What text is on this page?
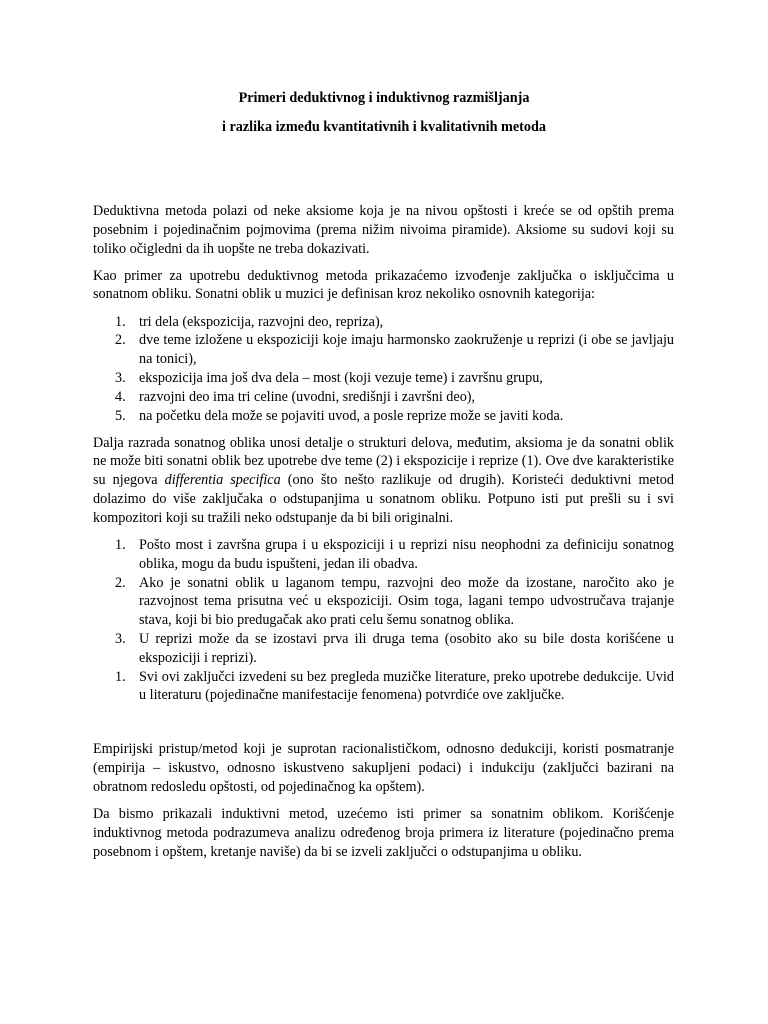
Primeri deduktivnog i induktivnog razmišljanja
i razlika između kvantitativnih i kvalitativnih metoda

Deduktivna metoda polazi od neke aksiome koja je na nivou opštosti i kreće se od opštih prema posebnim i pojedinačnim pojmovima (prema nižim nivoima piramide). Aksiome su sudovi koji su toliko očigledni da ih uopšte ne treba dokazivati.

Kao primer za upotrebu deduktivnog metoda prikazaćemo izvođenje zaključka o isključcima u sonatnom obliku. Sonatni oblik u muzici je definisan kroz nekoliko osnovnih kategorija:

1. tri dela (ekspozicija, razvojni deo, repriza),
2. dve teme izložene u ekspoziciji koje imaju harmonsko zaokruženje u reprizi (i obe se javljaju na tonici),
3. ekspozicija ima još dva dela – most (koji vezuje teme) i završnu grupu,
4. razvojni deo ima tri celine (uvodni, središnji i završni deo),
5. na početku dela može se pojaviti uvod, a posle reprize može se javiti koda.

Dalja razrada sonatnog oblika unosi detalje o strukturi delova, međutim, aksioma je da sonatni oblik ne može biti sonatni oblik bez upotrebe dve teme (2) i ekspozicije i reprize (1). Ove dve karakteristike su njegova differentia specifica (ono što nešto razlikuje od drugih). Koristeći deduktivni metod dolazimo do više zaključaka o odstupanjima u sonatnom obliku. Potpuno isti put prešli su i svi kompozitori koji su tražili neko odstupanje da bi bili originalni.

1. Pošto most i završna grupa i u ekspoziciji i u reprizi nisu neophodni za definiciju sonatnog oblika, mogu da budu ispušteni, jedan ili obadva.
2. Ako je sonatni oblik u laganom tempu, razvojni deo može da izostane, naročito ako je razvojnost tema prisutna već u ekspoziciji. Osim toga, lagani tempo udvostručava trajanje stava, koji bi bio predugačak ako prati celu šemu sonatnog oblika.
3. U reprizi može da se izostavi prva ili druga tema (osobito ako su bile dosta korišćene u ekspoziciji i reprizi).
1. Svi ovi zaključci izvedeni su bez pregleda muzičke literature, preko upotrebe dedukcije. Uvid u literaturu (pojedinačne manifestacije fenomena) potvrdiće ove zaključke.

Empirijski pristup/metod koji je suprotan racionalističkom, odnosno dedukciji, koristi posmatranje (empirija – iskustvo, odnosno iskustveno sakupljeni podaci) i indukciju (zaključci bazirani na obratnom redosledu opštosti, od pojedinačnog ka opštem).

Da bismo prikazali induktivni metod, uzećemo isti primer sa sonatnim oblikom. Korišćenje induktivnog metoda podrazumeva analizu određenog broja primera iz literature (pojedinačno prema posebnom i opštem, kretanje naviše) da bi se izveli zaključci o odstupanjima u obliku.
